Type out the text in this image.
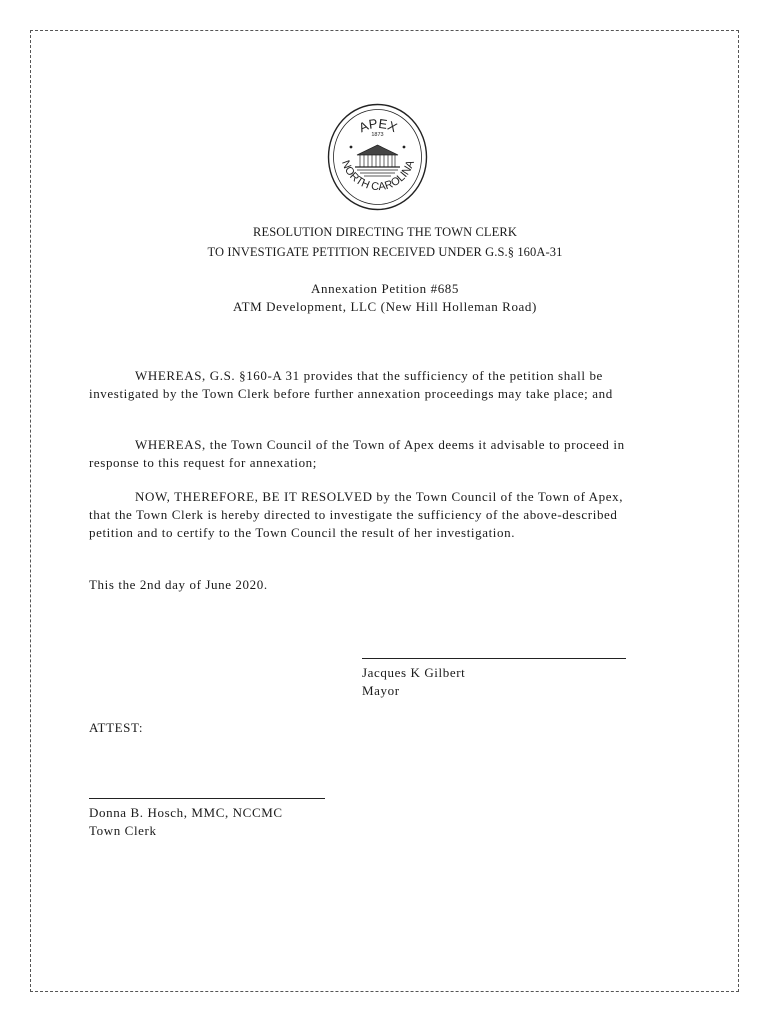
APEX
NORTH CAROLINA
1873
RESOLUTION DIRECTING THE TOWN CLERK
TO INVESTIGATE PETITION RECEIVED UNDER G.S.§ 160A-31
Annexation Petition #685
ATM Development, LLC (New Hill Holleman Road)

WHEREAS, G.S. §160-A 31 provides that the sufficiency of the petition shall be investigated by the Town Clerk before further annexation proceedings may take place; and

WHEREAS, the Town Council of the Town of Apex deems it advisable to proceed in response to this request for annexation;

NOW, THEREFORE, BE IT RESOLVED by the Town Council of the Town of Apex, that the Town Clerk is hereby directed to investigate the sufficiency of the above-described petition and to certify to the Town Council the result of her investigation.

This the 2nd day of June 2020.

Jacques K Gilbert
Mayor
ATTEST:
Donna B. Hosch, MMC, NCCMC
Town Clerk
